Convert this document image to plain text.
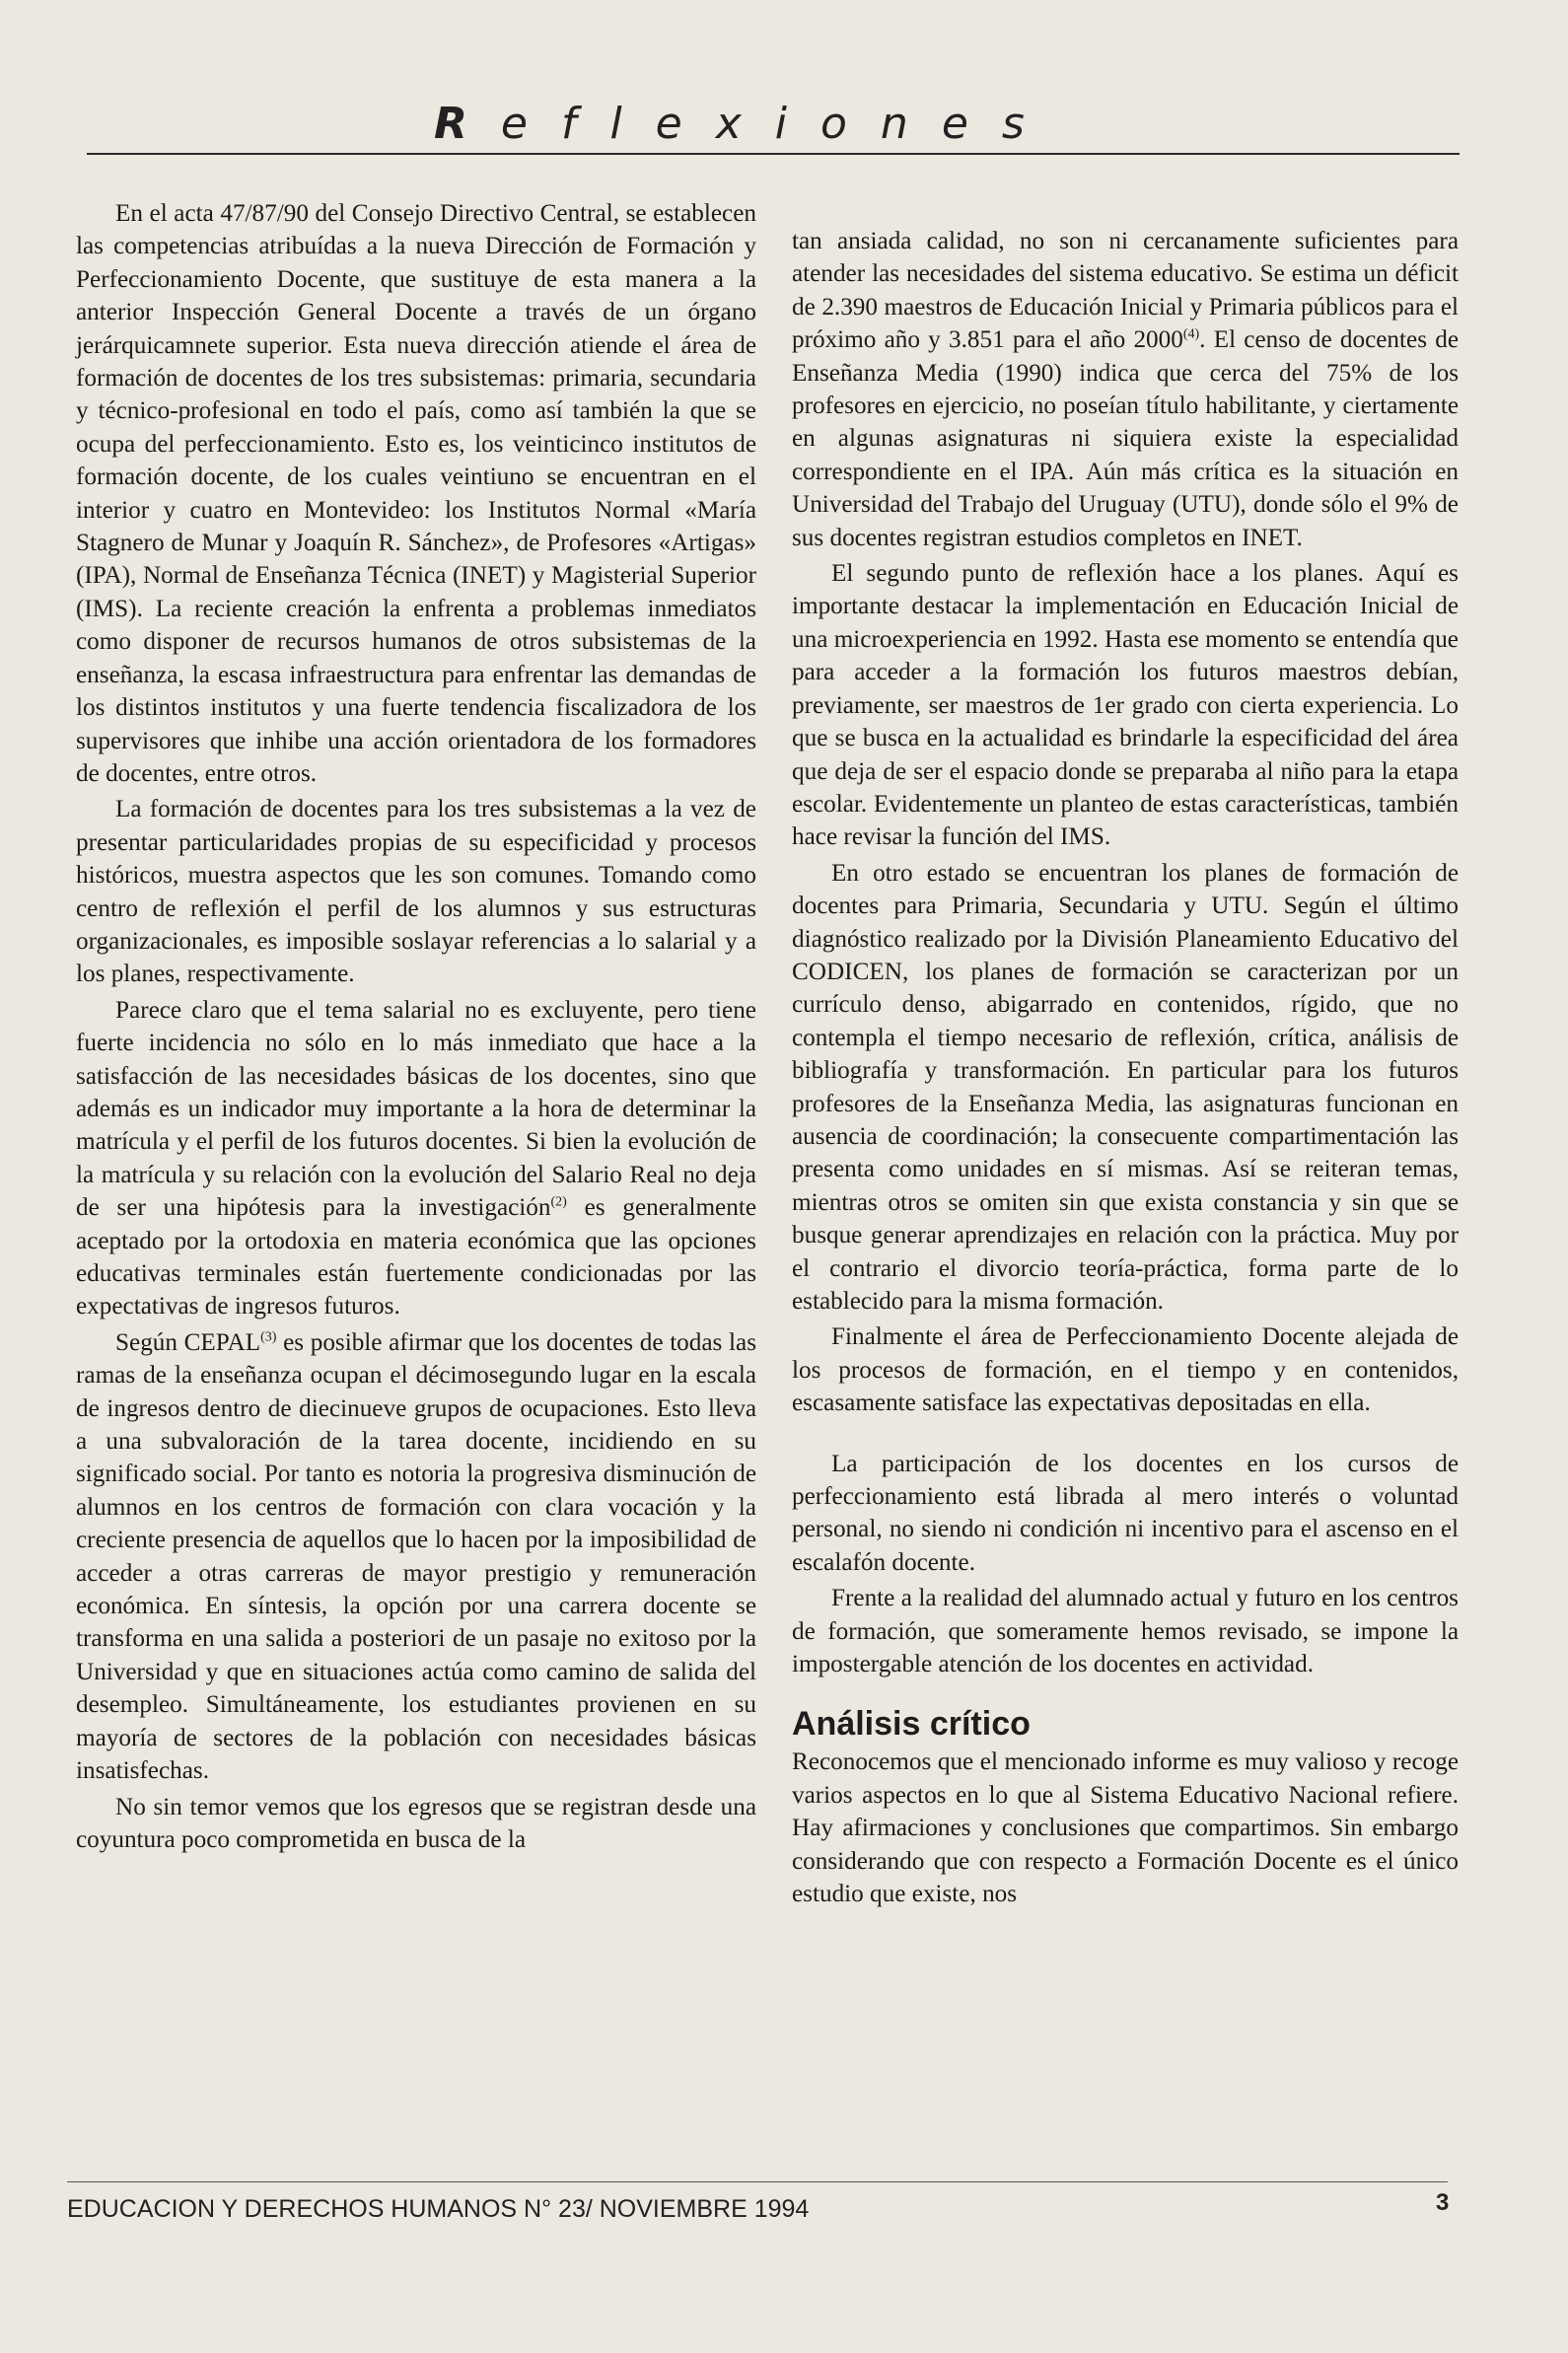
Reflexiones

En el acta 47/87/90 del Consejo Directivo Central, se establecen las competencias atribuídas a la nueva Dirección de Formación y Perfeccionamiento Docente, que sustituye de esta manera a la anterior Inspección General Docente a través de un órgano jerárquicamnete superior. Esta nueva dirección atiende el área de formación de docentes de los tres subsistemas: primaria, secundaria y técnico-profesional en todo el país, como así también la que se ocupa del perfeccionamiento. Esto es, los veinticinco institutos de formación docente, de los cuales veintiuno se encuentran en el interior y cuatro en Montevideo: los Institutos Normal «María Stagnero de Munar y Joaquín R. Sánchez», de Profesores «Artigas» (IPA), Normal de Enseñanza Técnica (INET) y Magisterial Superior (IMS). La reciente creación la enfrenta a problemas inmediatos como disponer de recursos humanos de otros subsistemas de la enseñanza, la escasa infraestructura para enfrentar las demandas de los distintos institutos y una fuerte tendencia fiscalizadora de los supervisores que inhibe una acción orientadora de los formadores de docentes, entre otros.

La formación de docentes para los tres subsistemas a la vez de presentar particularidades propias de su especificidad y procesos históricos, muestra aspectos que les son comunes. Tomando como centro de reflexión el perfil de los alumnos y sus estructuras organizacionales, es imposible soslayar referencias a lo salarial y a los planes, respectivamente.

Parece claro que el tema salarial no es excluyente, pero tiene fuerte incidencia no sólo en lo más inmediato que hace a la satisfacción de las necesidades básicas de los docentes, sino que además es un indicador muy importante a la hora de determinar la matrícula y el perfil de los futuros docentes. Si bien la evolución de la matrícula y su relación con la evolución del Salario Real no deja de ser una hipótesis para la investigación$^{(2)}$ es generalmente aceptado por la ortodoxia en materia económica que las opciones educativas terminales están fuertemente condicionadas por las expectativas de ingresos futuros.

Según CEPAL$^{(3)}$ es posible afirmar que los docentes de todas las ramas de la enseñanza ocupan el décimosegundo lugar en la escala de ingresos dentro de diecinueve grupos de ocupaciones. Esto lleva a una subvaloración de la tarea docente, incidiendo en su significado social. Por tanto es notoria la progresiva disminución de alumnos en los centros de formación con clara vocación y la creciente presencia de aquellos que lo hacen por la imposibilidad de acceder a otras carreras de mayor prestigio y remuneración económica. En síntesis, la opción por una carrera docente se transforma en una salida a posteriori de un pasaje no exitoso por la Universidad y que en situaciones actúa como camino de salida del desempleo. Simultáneamente, los estudiantes provienen en su mayoría de sectores de la población con necesidades básicas insatisfechas.

No sin temor vemos que los egresos que se registran desde una coyuntura poco comprometida en busca de la

tan ansiada calidad, no son ni cercanamente suficientes para atender las necesidades del sistema educativo. Se estima un déficit de 2.390 maestros de Educación Inicial y Primaria públicos para el próximo año y 3.851 para el año 2000$^{(4)}$. El censo de docentes de Enseñanza Media (1990) indica que cerca del 75% de los profesores en ejercicio, no poseían título habilitante, y ciertamente en algunas asignaturas ni siquiera existe la especialidad correspondiente en el IPA. Aún más crítica es la situación en Universidad del Trabajo del Uruguay (UTU), donde sólo el 9% de sus docentes registran estudios completos en INET.

El segundo punto de reflexión hace a los planes. Aquí es importante destacar la implementación en Educación Inicial de una microexperiencia en 1992. Hasta ese momento se entendía que para acceder a la formación los futuros maestros debían, previamente, ser maestros de 1er grado con cierta experiencia. Lo que se busca en la actualidad es brindarle la especificidad del área que deja de ser el espacio donde se preparaba al niño para la etapa escolar. Evidentemente un planteo de estas características, también hace revisar la función del IMS.

En otro estado se encuentran los planes de formación de docentes para Primaria, Secundaria y UTU. Según el último diagnóstico realizado por la División Planeamiento Educativo del CODICEN, los planes de formación se caracterizan por un currículo denso, abigarrado en contenidos, rígido, que no contempla el tiempo necesario de reflexión, crítica, análisis de bibliografía y transformación. En particular para los futuros profesores de la Enseñanza Media, las asignaturas funcionan en ausencia de coordinación; la consecuente compartimentación las presenta como unidades en sí mismas. Así se reiteran temas, mientras otros se omiten sin que exista constancia y sin que se busque generar aprendizajes en relación con la práctica. Muy por el contrario el divorcio teoría-práctica, forma parte de lo establecido para la misma formación.

Finalmente el área de Perfeccionamiento Docente alejada de los procesos de formación, en el tiempo y en contenidos, escasamente satisface las expectativas depositadas en ella.

La participación de los docentes en los cursos de perfeccionamiento está librada al mero interés o voluntad personal, no siendo ni condición ni incentivo para el ascenso en el escalafón docente.

Frente a la realidad del alumnado actual y futuro en los centros de formación, que someramente hemos revisado, se impone la impostergable atención de los docentes en actividad.

Análisis crítico

Reconocemos que el mencionado informe es muy valioso y recoge varios aspectos en lo que al Sistema Educativo Nacional refiere. Hay afirmaciones y conclusiones que compartimos. Sin embargo considerando que con respecto a Formación Docente es el único estudio que existe, nos

EDUCACION Y DERECHOS HUMANOS N° 23/ NOVIEMBRE 1994	3
